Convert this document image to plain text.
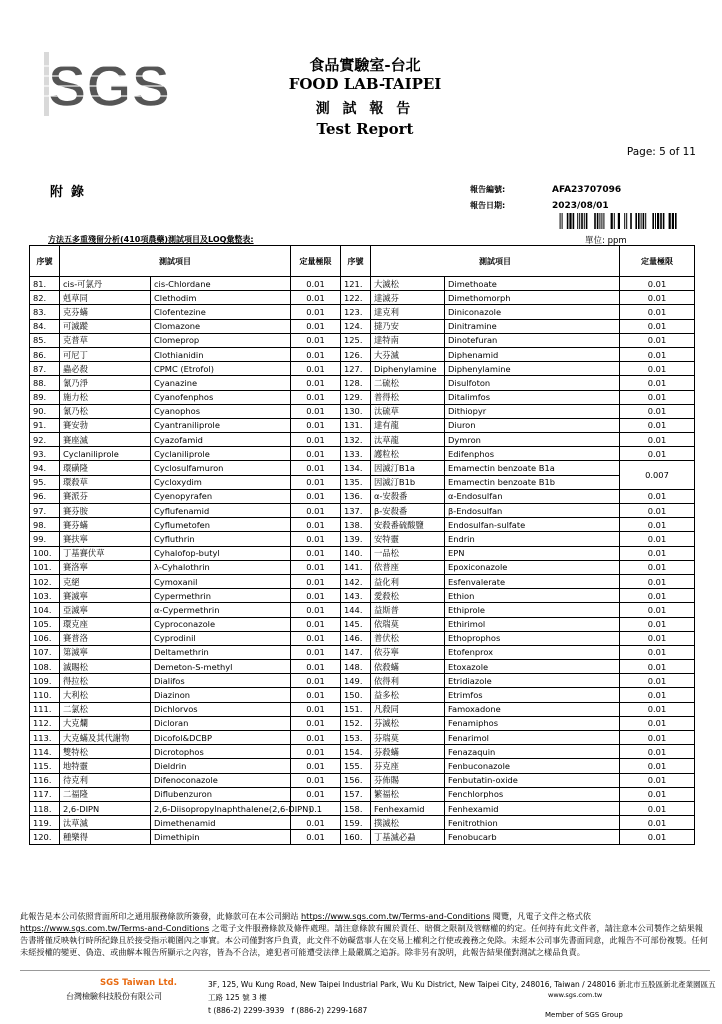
SGS	食品實驗室-台北
FOOD LAB-TAIPEI
測 試 報 告
Test Report
Page: 5 of 11
附錄	報告編號:	AFA23707096
報告日期:	2023/08/01
方法五多重殘留分析(410項農藥)測試項目及LOQ彙整表:	單位: ppm
序號	測試項目		定量極限	序號	測試項目		定量極限
81.	cis-可氯丹	cis-Chlordane	0.01	121.	大滅松	Dimethoate	0.01
82.	剋草同	Clethodim	0.01	122.	達滅芬	Dimethomorph	0.01
83.	克芬蟎	Clofentezine	0.01	123.	達克利	Diniconazole	0.01
84.	可滅蹤	Clomazone	0.01	124.	撻乃安	Dinitramine	0.01
85.	克普草	Clomeprop	0.01	125.	達特南	Dinotefuran	0.01
86.	可尼丁	Clothianidin	0.01	126.	大芬滅	Diphenamid	0.01
87.	蟲必殺	CPMC (Etrofol)	0.01	127.	Diphenylamine	Diphenylamine	0.01
88.	氰乃淨	Cyanazine	0.01	128.	二硫松	Disulfoton	0.01
89.	施力松	Cyanofenphos	0.01	129.	普得松	Ditalimfos	0.01
90.	氰乃松	Cyanophos	0.01	130.	汰硫草	Dithiopyr	0.01
91.	賽安勃	Cyantraniliprole	0.01	131.	達有龍	Diuron	0.01
92.	賽座滅	Cyazofamid	0.01	132.	汰草龍	Dymron	0.01
93.	Cyclaniliprole	Cyclaniliprole	0.01	133.	護粒松	Edifenphos	0.01
94.	環磺隆	Cyclosulfamuron	0.01	134.	因滅汀B1a	Emamectin benzoate B1a	0.007
95.	環殺草	Cycloxydim	0.01	135.	因滅汀B1b	Emamectin benzoate B1b	
96.	賽派芬	Cyenopyrafen	0.01	136.	α-安殺番	α-Endosulfan	0.01
97.	賽芬胺	Cyflufenamid	0.01	137.	β-安殺番	β-Endosulfan	0.01
98.	賽芬蟎	Cyflumetofen	0.01	138.	安殺番硫酸鹽	Endosulfan-sulfate	0.01
99.	賽扶寧	Cyfluthrin	0.01	139.	安特靈	Endrin	0.01
100.	丁基賽伏草	Cyhalofop-butyl	0.01	140.	一品松	EPN	0.01
101.	賽洛寧	λ-Cyhalothrin	0.01	141.	依普座	Epoxiconazole	0.01
102.	克絕	Cymoxanil	0.01	142.	益化利	Esfenvalerate	0.01
103.	賽滅寧	Cypermethrin	0.01	143.	愛殺松	Ethion	0.01
104.	亞滅寧	α-Cypermethrin	0.01	144.	益斯普	Ethiprole	0.01
105.	環克座	Cyproconazole	0.01	145.	依瑞莫	Ethirimol	0.01
106.	賽普洛	Cyprodinil	0.01	146.	普伏松	Ethoprophos	0.01
107.	第滅寧	Deltamethrin	0.01	147.	依芬寧	Etofenprox	0.01
108.	滅賜松	Demeton-S-methyl	0.01	148.	依殺蟎	Etoxazole	0.01
109.	得拉松	Dialifos	0.01	149.	依得利	Etridiazole	0.01
110.	大利松	Diazinon	0.01	150.	益多松	Etrimfos	0.01
111.	二氯松	Dichlorvos	0.01	151.	凡殺同	Famoxadone	0.01
112.	大克爛	Dicloran	0.01	152.	芬滅松	Fenamiphos	0.01
113.	大克蟎及其代謝物	Dicofol&DCBP	0.01	153.	芬瑞莫	Fenarimol	0.01
114.	雙特松	Dicrotophos	0.01	154.	芬殺蟎	Fenazaquin	0.01
115.	地特靈	Dieldrin	0.01	155.	芬克座	Fenbuconazole	0.01
116.	待克利	Difenoconazole	0.01	156.	芬佈賜	Fenbutatin-oxide	0.01
117.	二福隆	Diflubenzuron	0.01	157.	繁福松	Fenchlorphos	0.01
118.	2,6-DIPN	2,6-Diisopropylnaphthalene(2,6-DIPN)	0.1	158.	Fenhexamid	Fenhexamid	0.01
119.	汰草滅	Dimethenamid	0.01	159.	撲滅松	Fenitrothion	0.01
120.	種樂得	Dimethipin	0.01	160.	丁基滅必蝨	Fenobucarb	0.01
此報告是本公司依照背面所印之通用服務條款所簽發，此條款可在本公司網站 https://www.sgs.com.tw/Terms-and-Conditions 閱覽，凡電子文件之格式依https://www.sgs.com.tw/Terms-and-Conditions 之電子文件服務條款及條件處理。請注意條款有關於責任、賠償之限制及管轄權的約定。任何持有此文件者，請注意本公司製作之結果報告書將僅反映執行時所紀錄且於接受指示範圍內之事實。本公司僅對客戶負責，此文件不妨礙當事人在交易上權利之行使或義務之免除。未經本公司事先書面同意，此報告不可部份複製。任何未經授權的變更、偽造、或曲解本報告所顯示之內容，皆為不合法，違犯者可能遭受法律上最嚴厲之追訴。除非另有說明，此報告結果僅對測試之樣品負責。
SGS Taiwan Ltd.
台灣檢驗科技股份有限公司
3F, 125, Wu Kung Road, New Taipei Industrial Park, Wu Ku District, New Taipei City, 248016, Taiwan / 248016 新北市五股區新北產業園區五工路 125 號 3 樓
t (886-2) 2299-3939 f (886-2) 2299-1687
www.sgs.com.tw
Member of SGS Group
